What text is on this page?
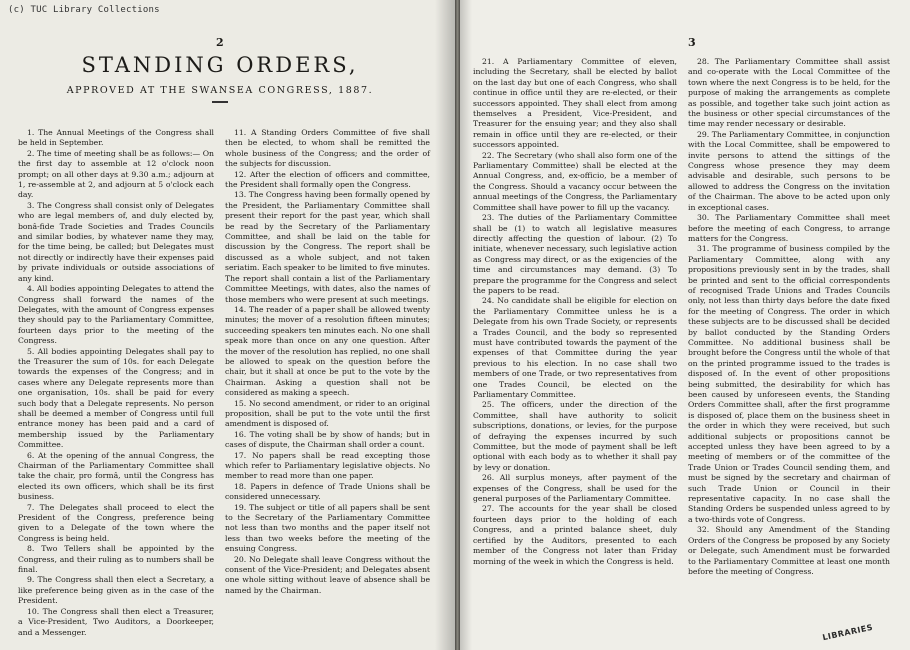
(c) TUC Library Collections
2
STANDING ORDERS,
APPROVED AT THE SWANSEA CONGRESS, 1887.

1. The Annual Meetings of the Congress shall be held in September.

2. The time of meeting shall be as follows:— On the first day to assemble at 12 o'clock noon prompt; on all other days at 9.30 a.m.; adjourn at 1, re-assemble at 2, and adjourn at 5 o'clock each day.

3. The Congress shall consist only of Delegates who are legal members of, and duly elected by, bonâ-fide Trade Societies and Trades Councils and similar bodies, by whatever name they may, for the time being, be called; but Delegates must not directly or indirectly have their expenses paid by private individuals or outside associations of any kind.

4. All bodies appointing Delegates to attend the Congress shall forward the names of the Delegates, with the amount of Congress expenses they should pay to the Parliamentary Committee, fourteen days prior to the meeting of the Congress.

5. All bodies appointing Delegates shall pay to the Treasurer the sum of 10s. for each Delegate towards the expenses of the Congress; and in cases where any Delegate represents more than one organisation, 10s. shall be paid for every such body that a Delegate represents. No person shall be deemed a member of Congress until full entrance money has been paid and a card of membership issued by the Parliamentary Committee.

6. At the opening of the annual Congress, the Chairman of the Parliamentary Committee shall take the chair, pro formâ, until the Congress has elected its own officers, which shall be its first business.

7. The Delegates shall proceed to elect the President of the Congress, preference being given to a Delegate of the town where the Congress is being held.

8. Two Tellers shall be appointed by the Congress, and their ruling as to numbers shall be final.

9. The Congress shall then elect a Secretary, a like preference being given as in the case of the President.

10. The Congress shall then elect a Treasurer, a Vice-President, Two Auditors, a Doorkeeper, and a Messenger.

11. A Standing Orders Committee of five shall then be elected, to whom shall be remitted the whole business of the Congress; and the order of the subjects for discussion.

12. After the election of officers and committee, the President shall formally open the Congress.

13. The Congress having been formally opened by the President, the Parliamentary Committee shall present their report for the past year, which shall be read by the Secretary of the Parliamentary Committee, and shall be laid on the table for discussion by the Congress. The report shall be discussed as a whole subject, and not taken seriatim. Each speaker to be limited to five minutes. The report shall contain a list of the Parliamentary Committee Meetings, with dates, also the names of those members who were present at such meetings.

14. The reader of a paper shall be allowed twenty minutes; the mover of a resolution fifteen minutes; succeeding speakers ten minutes each. No one shall speak more than once on any one question. After the mover of the resolution has replied, no one shall be allowed to speak on the question before the chair, but it shall at once be put to the vote by the Chairman. Asking a question shall not be considered as making a speech.

15. No second amendment, or rider to an original proposition, shall be put to the vote until the first amendment is disposed of.

16. The voting shall be by show of hands; but in cases of dispute, the Chairman shall order a count.

17. No papers shall be read excepting those which refer to Parliamentary legislative objects. No member to read more than one paper.

18. Papers in defence of Trade Unions shall be considered unnecessary.

19. The subject or title of all papers shall be sent to the Secretary of the Parliamentary Committee not less than two months and the paper itself not less than two weeks before the meeting of the ensuing Congress.

20. No Delegate shall leave Congress without the consent of the Vice-President; and Delegates absent one whole sitting without leave of absence shall be named by the Chairman.

3

21. A Parliamentary Committee of eleven, including the Secretary, shall be elected by ballot on the last day but one of each Congress, who shall continue in office until they are re-elected, or their successors appointed. They shall elect from among themselves a President, Vice-President, and Treasurer for the ensuing year; and they also shall remain in office until they are re-elected, or their successors appointed.

22. The Secretary (who shall also form one of the Parliamentary Committee) shall be elected at the Annual Congress, and, ex-officio, be a member of the Congress. Should a vacancy occur between the annual meetings of the Congress, the Parliamentary Committee shall have power to fill up the vacancy.

23. The duties of the Parliamentary Committee shall be (1) to watch all legislative measures directly affecting the question of labour. (2) To initiate, whenever necessary, such legislative action as Congress may direct, or as the exigencies of the time and circumstances may demand. (3) To prepare the programme for the Congress and select the papers to be read.

24. No candidate shall be eligible for election on the Parliamentary Committee unless he is a Delegate from his own Trade Society, or represents a Trades Council, and the body so represented must have contributed towards the payment of the expenses of that Committee during the year previous to his election. In no case shall two members of one Trade, or two representatives from one Trades Council, be elected on the Parliamentary Committee.

25. The officers, under the direction of the Committee, shall have authority to solicit subscriptions, donations, or levies, for the purpose of defraying the expenses incurred by such Committee, but the mode of payment shall be left optional with each body as to whether it shall pay by levy or donation.

26. All surplus moneys, after payment of the expenses of the Congress, shall be used for the general purposes of the Parliamentary Committee.

27. The accounts for the year shall be closed fourteen days prior to the holding of each Congress, and a printed balance sheet, duly certified by the Auditors, presented to each member of the Congress not later than Friday morning of the week in which the Congress is held.

28. The Parliamentary Committee shall assist and co-operate with the Local Committee of the town where the next Congress is to be held, for the purpose of making the arrangements as complete as possible, and together take such joint action as the business or other special circumstances of the time may render necessary or desirable.

29. The Parliamentary Committee, in conjunction with the Local Committee, shall be empowered to invite persons to attend the sittings of the Congress whose presence they may deem advisable and desirable, such persons to be allowed to address the Congress on the invitation of the Chairman. The above to be acted upon only in exceptional cases.

30. The Parliamentary Committee shall meet before the meeting of each Congress, to arrange matters for the Congress.

31. The programme of business compiled by the Parliamentary Committee, along with any propositions previously sent in by the trades, shall be printed and sent to the official correspondents of recognised Trade Unions and Trades Councils only, not less than thirty days before the date fixed for the meeting of Congress. The order in which these subjects are to be discussed shall be decided by ballot conducted by the Standing Orders Committee. No additional business shall be brought before the Congress until the whole of that on the printed programme issued to the trades is disposed of. In the event of other propositions being submitted, the desirability for which has been caused by unforeseen events, the Standing Orders Committee shall, after the first programme is disposed of, place them on the business sheet in the order in which they were received, but such additional subjects or propositions cannot be accepted unless they have been agreed to by a meeting of members or of the committee of the Trade Union or Trades Council sending them, and must be signed by the secretary and chairman of such Trade Union or Council in their representative capacity. In no case shall the Standing Orders be suspended unless agreed to by a two-thirds vote of Congress.

32. Should any Amendment of the Standing Orders of the Congress be proposed by any Society or Delegate, such Amendment must be forwarded to the Parliamentary Committee at least one month before the meeting of Congress.

LIBRARIES
